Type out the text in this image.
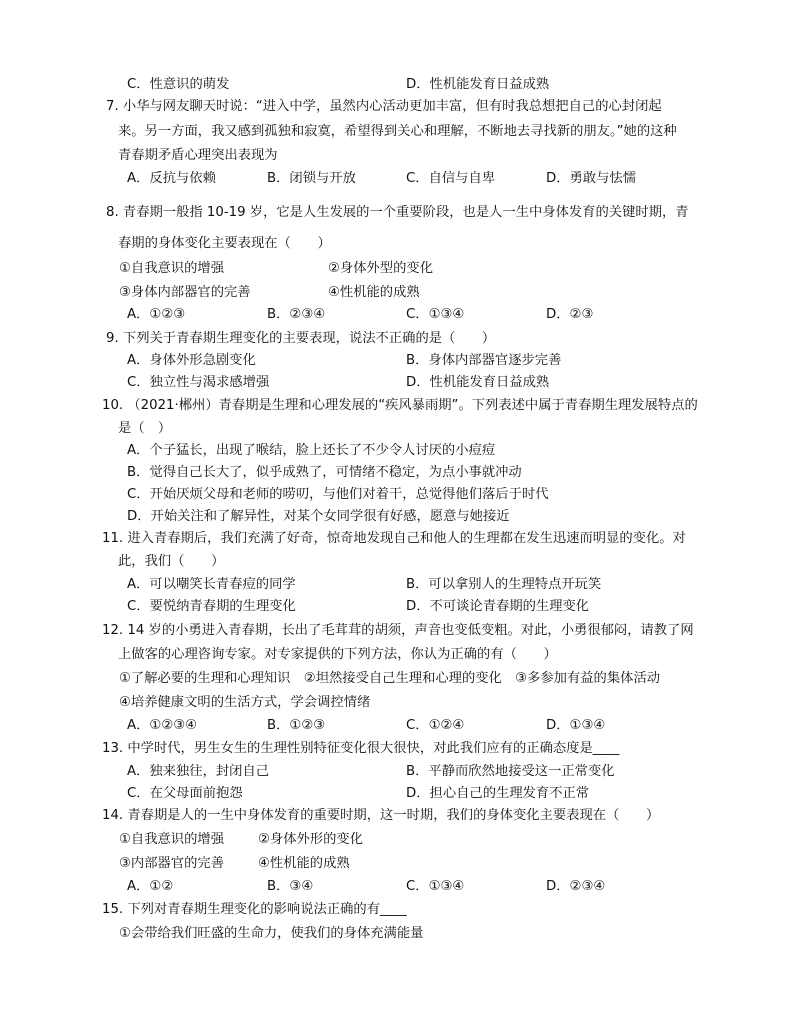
C．性意识的萌发	D．性机能发育日益成熟
7. 小华与网友聊天时说：“进入中学，虽然内心活动更加丰富，但有时我总想把自己的心封闭起
来。另一方面，我又感到孤独和寂寞，希望得到关心和理解，不断地去寻找新的朋友。”她的这种
青春期矛盾心理突出表现为
A．反抗与依赖	B．闭锁与开放	C．自信与自卑	D．勇敢与怯懦
8. 青春期一般指 10-19 岁，它是人生发展的一个重要阶段，也是人一生中身体发育的关键时期，青
春期的身体变化主要表现在（　　）
①自我意识的增强	②身体外型的变化
③身体内部器官的完善	④性机能的成熟
A．①②③	B．②③④	C．①③④	D．②③
9. 下列关于青春期生理变化的主要表现，说法不正确的是（　　）
A．身体外形急剧变化	B．身体内部器官逐步完善
C．独立性与渴求感增强	D．性机能发育日益成熟
10. （2021·郴州）青春期是生理和心理发展的“疾风暴雨期”。下列表述中属于青春期生理发展特点的
是（　）
A．个子猛长，出现了喉结，脸上还长了不少令人讨厌的小痘痘
B．觉得自己长大了，似乎成熟了，可情绪不稳定，为点小事就冲动
C．开始厌烦父母和老师的唠叨，与他们对着干，总觉得他们落后于时代
D．开始关注和了解异性，对某个女同学很有好感，愿意与她接近
11. 进入青春期后，我们充满了好奇，惊奇地发现自己和他人的生理都在发生迅速而明显的变化。对
此，我们（　　）
A．可以嘲笑长青春痘的同学	B．可以拿别人的生理特点开玩笑
C．要悦纳青春期的生理变化	D．不可谈论青春期的生理变化
12. 14 岁的小勇进入青春期，长出了毛茸茸的胡须，声音也变低变粗。对此，小勇很郁闷，请教了网
上做客的心理咨询专家。对专家提供的下列方法，你认为正确的有（　　）
①了解必要的生理和心理知识　②坦然接受自己生理和心理的变化　③多参加有益的集体活动
④培养健康文明的生活方式，学会调控情绪
A．①②③④	B．①②③	C．①②④	D．①③④
13. 中学时代，男生女生的生理性别特征变化很大很快，对此我们应有的正确态度是____
A．独来独往，封闭自己	B．平静而欣然地接受这一正常变化
C．在父母面前抱怨	D．担心自己的生理发育不正常
14. 青春期是人的一生中身体发育的重要时期，这一时期，我们的身体变化主要表现在（　　）
①自我意识的增强	②身体外形的变化
③内部器官的完善	④性机能的成熟
A．①②	B．③④	C．①③④	D．②③④
15. 下列对青春期生理变化的影响说法正确的有____
①会带给我们旺盛的生命力，使我们的身体充满能量
